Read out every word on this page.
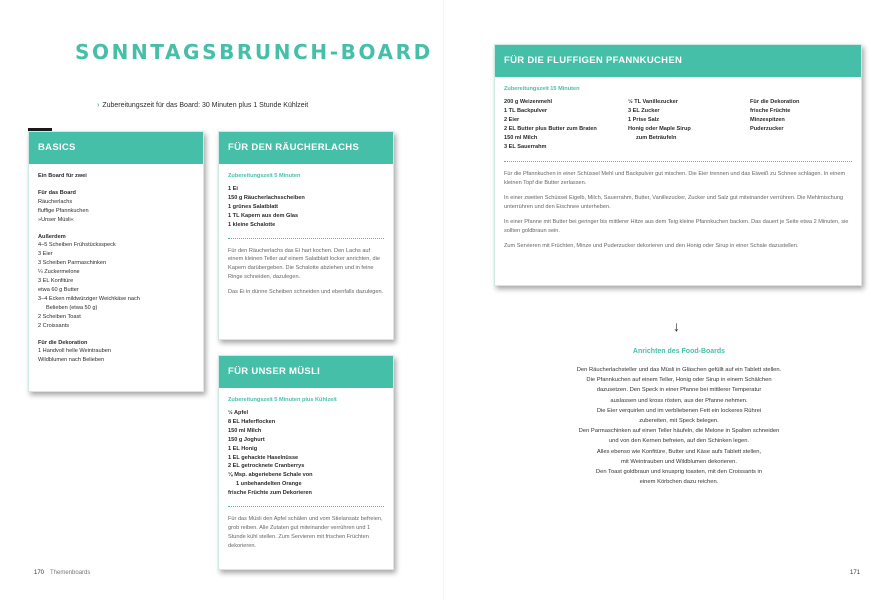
SONNTAGSBRUNCH-BOARD
› Zubereitungszeit für das Board: 30 Minuten plus 1 Stunde Kühlzeit
BASICS
Ein Board für zwei
Für das Board
Räucherlachs
fluffige Pfannkuchen
»Unser Müsli«
Außerdem
4–5 Scheiben Frühstücksspeck
3 Eier
3 Scheiben Parmaschinken
¼ Zuckermelone
3 EL Konfitüre
etwa 60 g Butter
3–4 Ecken mildwürziger Weichkäse nach
Belieben (etwa 50 g)
2 Scheiben Toast
2 Croissants
Für die Dekoration
1 Handvoll helle Weintrauben
Wildblumen nach Belieben
FÜR DEN RÄUCHERLACHS
Zubereitungszeit 5 Minuten
1 Ei
150 g Räucherlachsscheiben
1 grünes Salatblatt
1 TL Kapern aus dem Glas
1 kleine Schalotte

Für den Räucherlachs das Ei hart kochen. Den Lachs auf einem kleinen Teller auf einem Salatblatt locker anrichten, die Kapern darübergeben. Die Schalotte abziehen und in feine Ringe schneiden, dazulegen.

Das Ei in dünne Scheiben schneiden und ebenfalls dazulegen.

FÜR UNSER MÜSLI
Zubereitungszeit 5 Minuten plus Kühlzeit
½ Apfel
8 EL Haferflocken
150 ml Milch
150 g Joghurt
1 EL Honig
1 EL gehackte Haselnüsse
2 EL getrocknete Cranberrys
⅛ Msp. abgeriebene Schale von
1 unbehandelten Orange
frische Früchte zum Dekorieren

Für das Müsli den Apfel schälen und vom Stielansatz befreien, grob reiben. Alle Zutaten gut miteinander verrühren und 1 Stunde kühl stellen. Zum Servieren mit frischen Früchten dekorieren.

FÜR DIE FLUFFIGEN PFANNKUCHEN
Zubereitungszeit 15 Minuten
200 g Weizenmehl
1 TL Backpulver
2 Eier
2 EL Butter plus Butter zum Braten
150 ml Milch
3 EL Sauerrahm
½ TL Vanillezucker
3 EL Zucker
1 Prise Salz
Honig oder Maple Sirup
zum Beträufeln
Für die Dekoration
frische Früchte
Minzespitzen
Puderzucker

Für die Pfannkuchen in einer Schüssel Mehl und Backpulver gut mischen. Die Eier trennen und das Eiweiß zu Schnee schlagen. In einem kleinen Topf die Butter zerlassen.

In einer zweiten Schüssel Eigelb, Milch, Sauerrahm, Butter, Vanillezucker, Zucker und Salz gut miteinander verrühren. Die Mehlmischung unterrühren und den Eischnee unterheben.

In einer Pfanne mit Butter bei geringer bis mittlerer Hitze aus dem Teig kleine Pfannkuchen backen. Das dauert je Seite etwa 2 Minuten, sie sollten goldbraun sein.

Zum Servieren mit Früchten, Minze und Puderzucker dekorieren und den Honig oder Sirup in einer Schale dazustellen.

↓
Anrichten des Food-Boards
Den Räucherlachsteller und das Müsli in Gläschen gefüllt auf ein Tablett stellen.
Die Pfannkuchen auf einem Teller, Honig oder Sirup in einem Schälchen
dazusetzen. Den Speck in einer Pfanne bei mittlerer Temperatur
auslassen und kross rösten, aus der Pfanne nehmen.
Die Eier verquirlen und im verbliebenen Fett ein lockeres Rührei
zubereiten, mit Speck belegen.
Den Parmaschinken auf einen Teller häufeln, die Melone in Spalten schneiden
und von den Kernen befreien, auf den Schinken legen.
Alles ebenso wie Konfitüre, Butter und Käse aufs Tablett stellen,
mit Weintrauben und Wildblumen dekorieren.
Den Toast goldbraun und knusprig toasten, mit den Croissants in
einem Körbchen dazu reichen.
170 Themenboards	171
